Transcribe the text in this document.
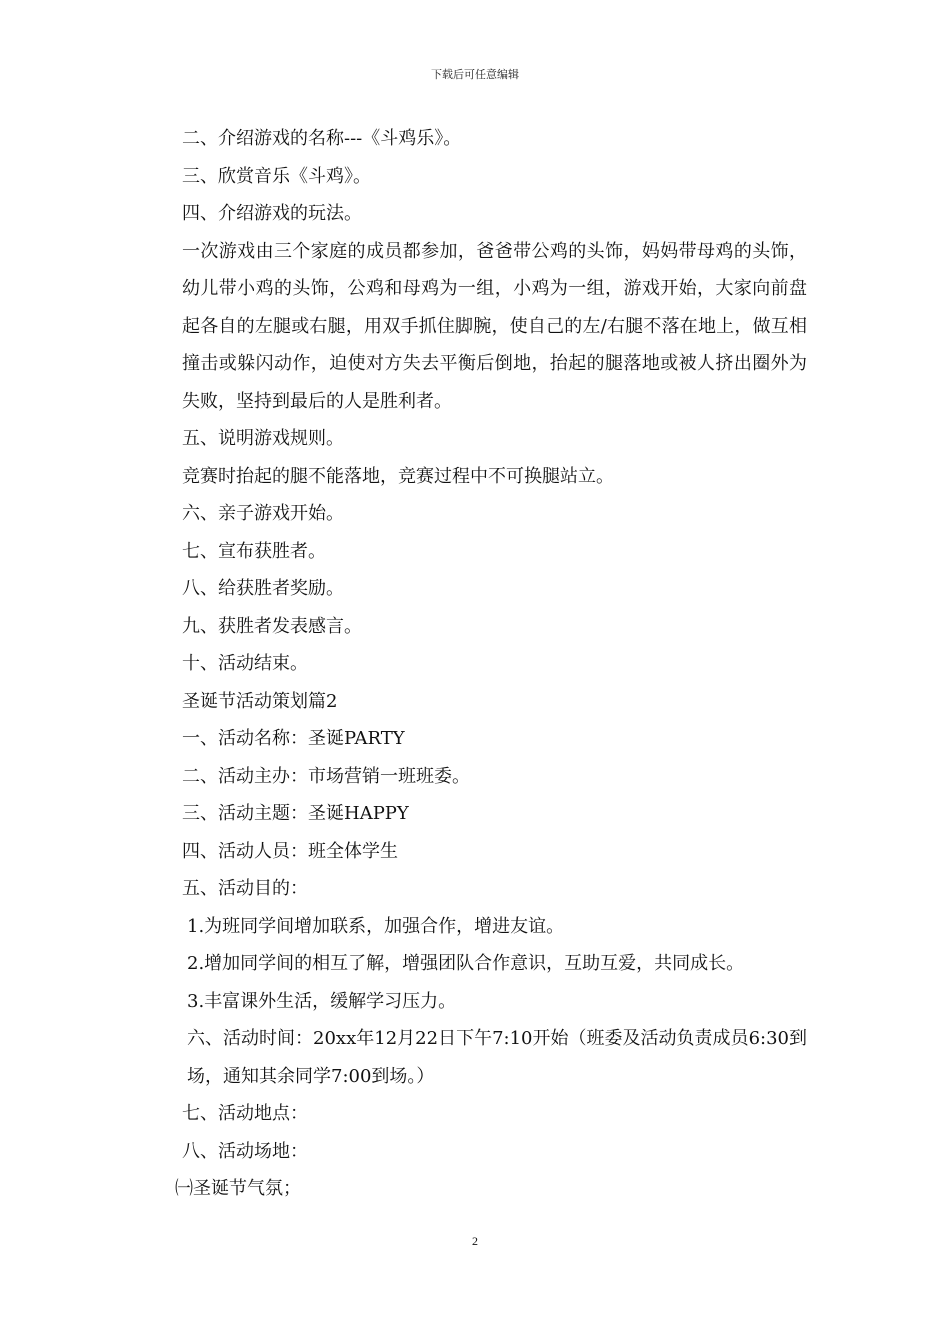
下载后可任意编辑

二、介绍游戏的名称---《斗鸡乐》。

三、欣赏音乐《斗鸡》。

四、介绍游戏的玩法。

一次游戏由三个家庭的成员都参加，爸爸带公鸡的头饰，妈妈带母鸡的头饰，幼儿带小鸡的头饰，公鸡和母鸡为一组，小鸡为一组，游戏开始，大家向前盘起各自的左腿或右腿，用双手抓住脚腕，使自己的左/右腿不落在地上，做互相撞击或躲闪动作，迫使对方失去平衡后倒地，抬起的腿落地或被人挤出圈外为失败，坚持到最后的人是胜利者。

五、说明游戏规则。

竞赛时抬起的腿不能落地，竞赛过程中不可换腿站立。

六、亲子游戏开始。

七、宣布获胜者。

八、给获胜者奖励。

九、获胜者发表感言。

十、活动结束。

圣诞节活动策划篇2

一、活动名称：圣诞PARTY

二、活动主办：市场营销一班班委。

三、活动主题：圣诞HAPPY

四、活动人员：班全体学生

五、活动目的：

1.为班同学间增加联系，加强合作，增进友谊。

2.增加同学间的相互了解，增强团队合作意识，互助互爱，共同成长。

3.丰富课外生活，缓解学习压力。

六、活动时间：20xx年12月22日下午7:10开始（班委及活动负责成员6:30到场，通知其余同学7:00到场。）

七、活动地点：

八、活动场地：

㈠圣诞节气氛；

2
